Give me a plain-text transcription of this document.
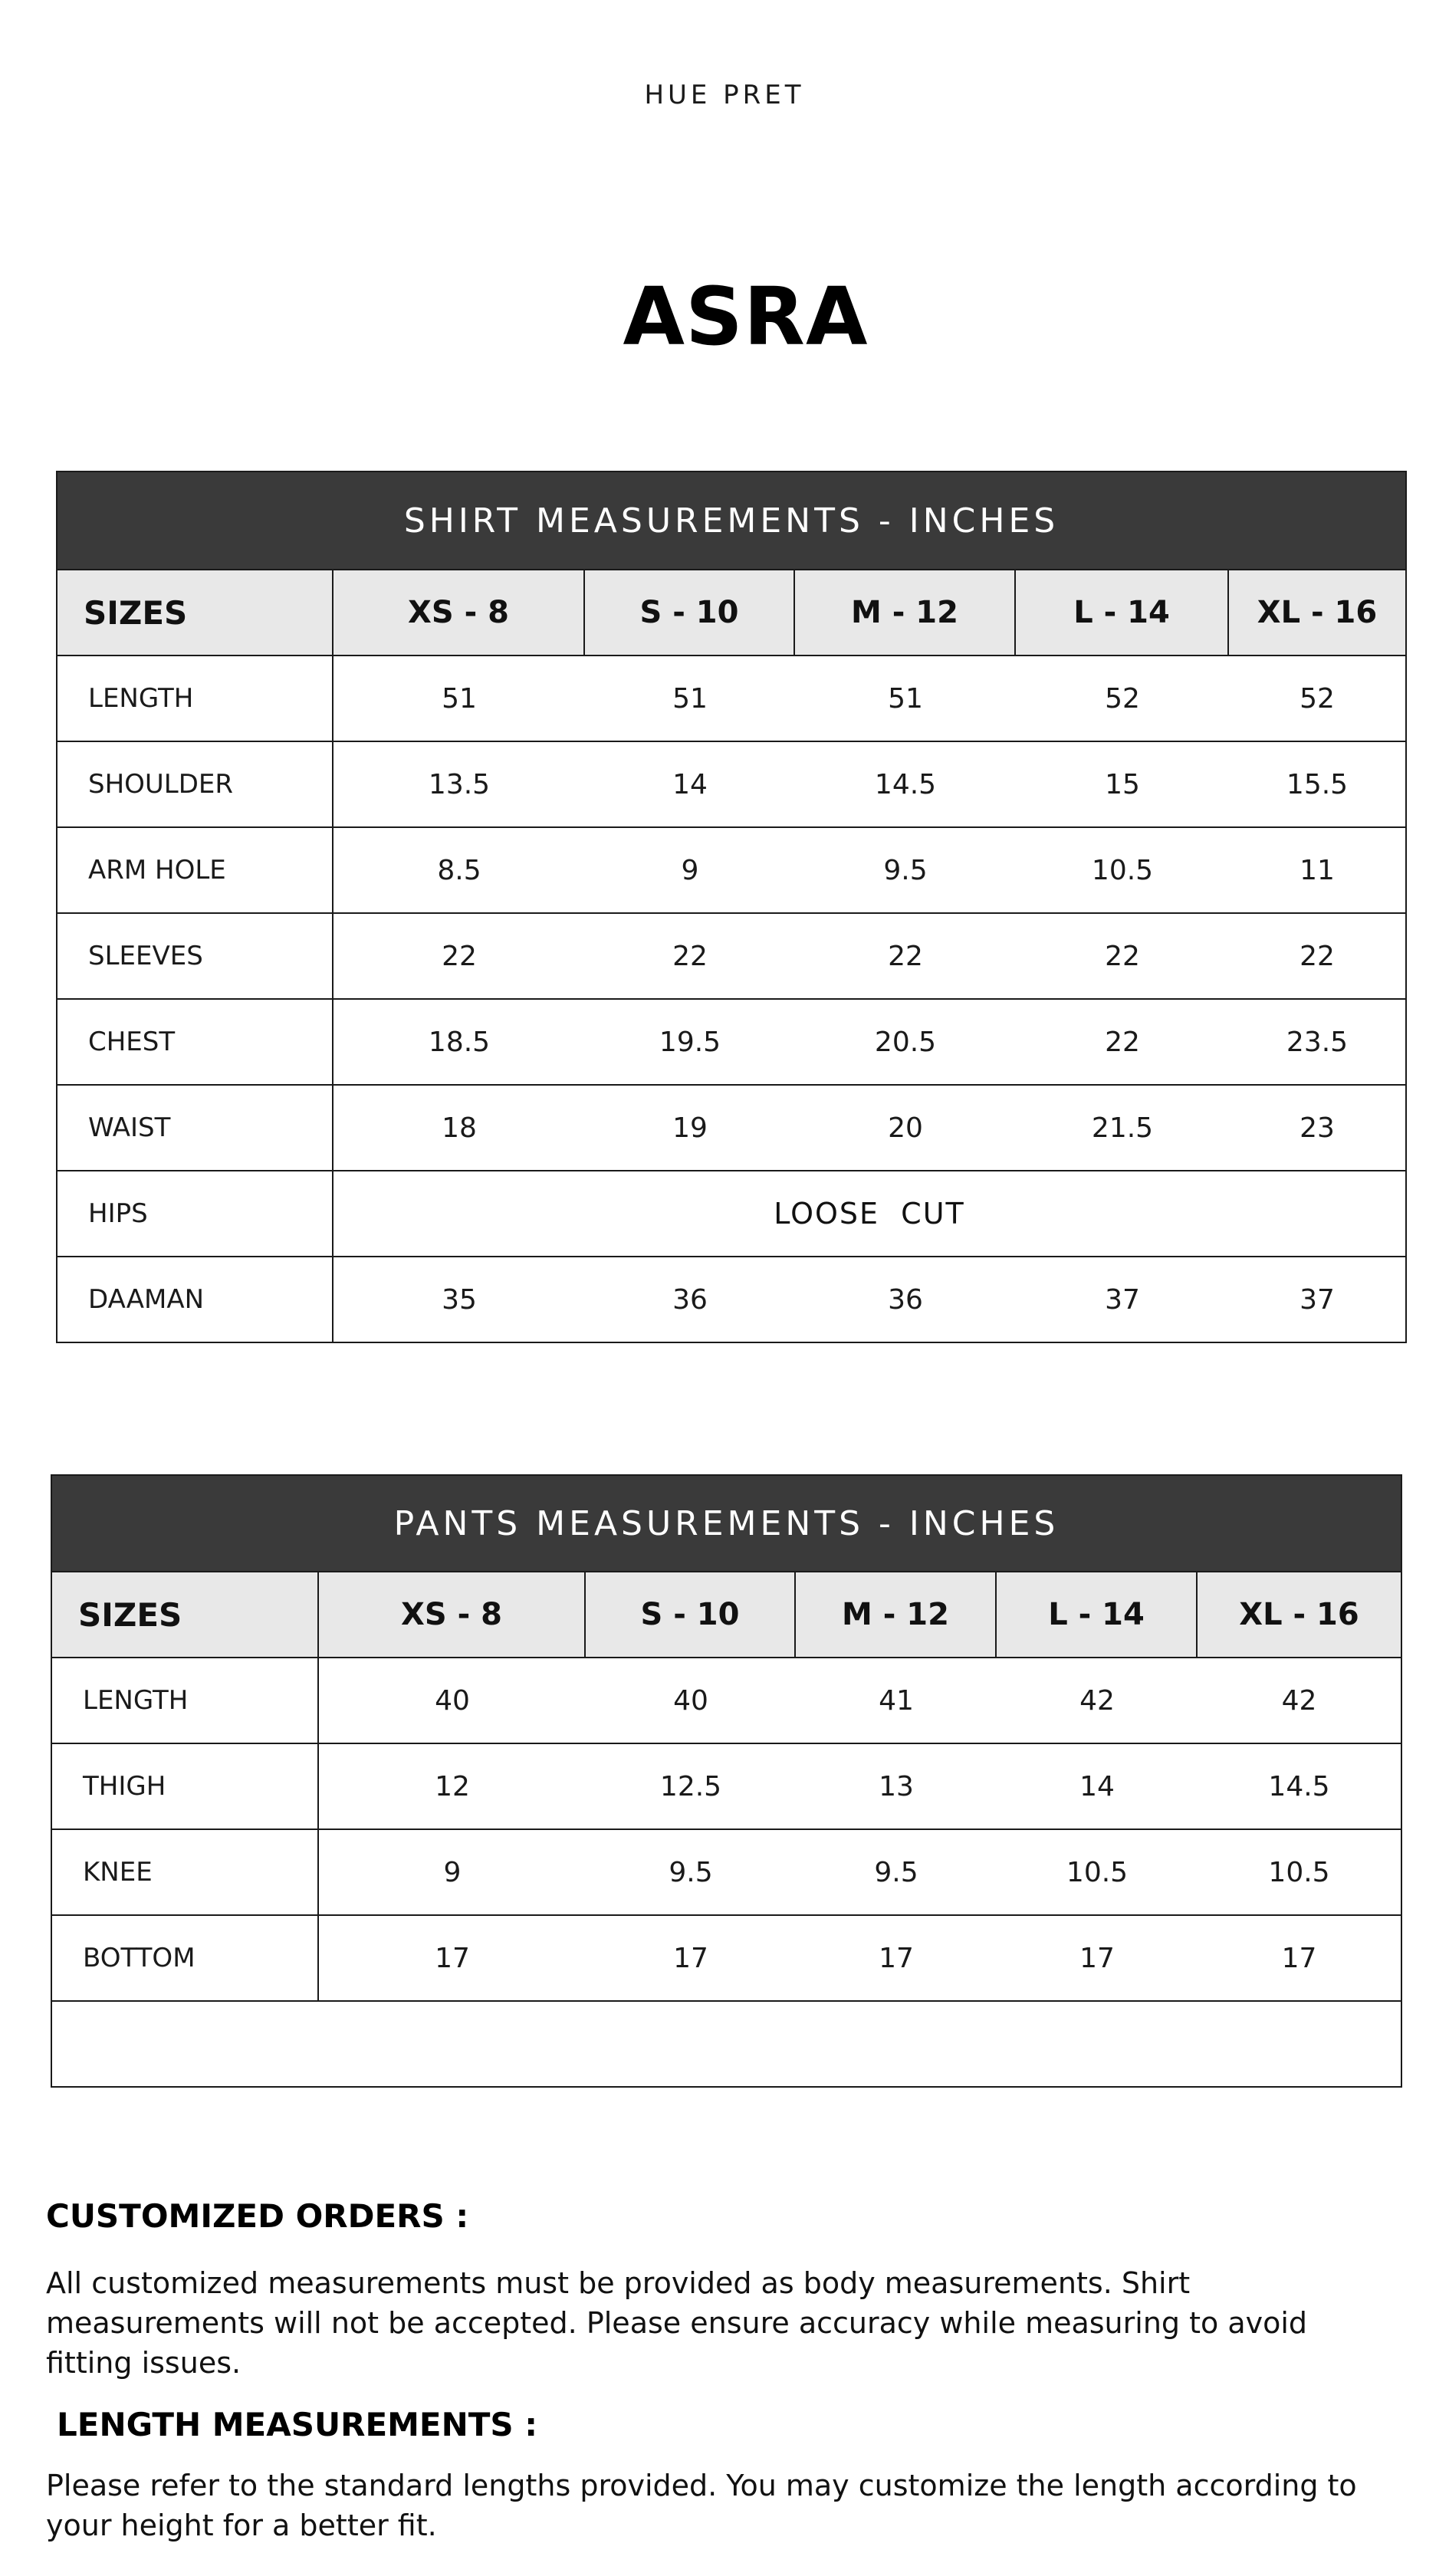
HUE PRET
ASRA
SHIRT MEASUREMENTS - INCHES
SIZES	XS - 8	S - 10	M - 12	L - 14	XL - 16
LENGTH	51	51	51	52	52
SHOULDER	13.5	14	14.5	15	15.5
ARM HOLE	8.5	9	9.5	10.5	11
SLEEVES	22	22	22	22	22
CHEST	18.5	19.5	20.5	22	23.5
WAIST	18	19	20	21.5	23
HIPS	LOOSE  CUT
DAAMAN	35	36	36	37	37
PANTS MEASUREMENTS - INCHES
SIZES	XS - 8	S - 10	M - 12	L - 14	XL - 16
LENGTH	40	40	41	42	42
THIGH	12	12.5	13	14	14.5
KNEE	9	9.5	9.5	10.5	10.5
BOTTOM	17	17	17	17	17
CUSTOMIZED ORDERS :
All customized measurements must be provided as body measurements. Shirt measurements will not be accepted. Please ensure accuracy while measuring to avoid fitting issues.
LENGTH MEASUREMENTS :
Please refer to the standard lengths provided. You may customize the length according to your height for a better fit.
